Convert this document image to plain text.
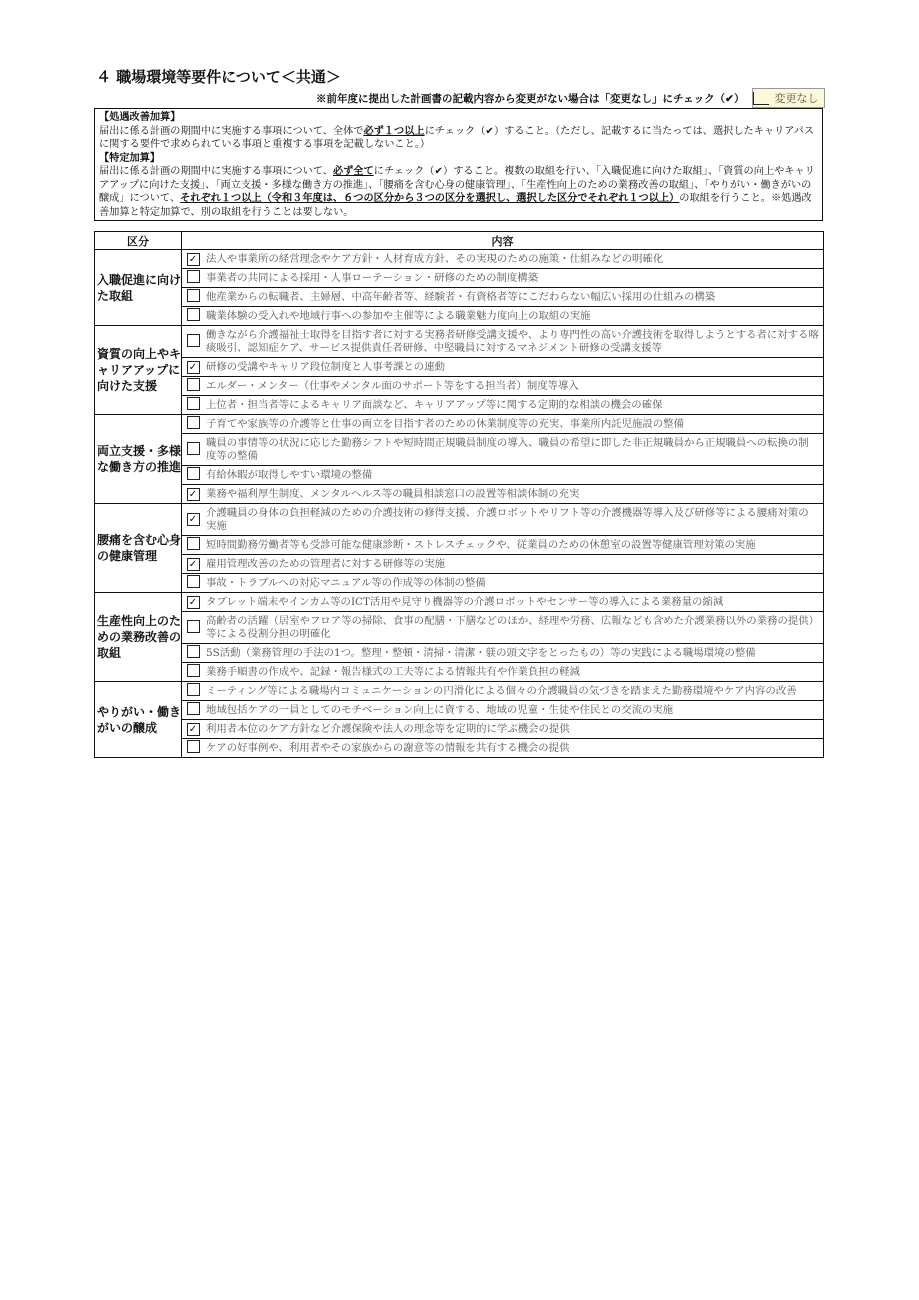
４ 職場環境等要件について＜共通＞
※前年度に提出した計画書の記載内容から変更がない場合は「変更なし」にチェック（✔）	変更なし
【処遇改善加算】
届出に係る計画の期間中に実施する事項について、全体で必ず１つ以上にチェック（✔）すること。（ただし、記載するに当たっては、選択したキャリアパスに関する要件で求められている事項と重複する事項を記載しないこと。）
【特定加算】
届出に係る計画の期間中に実施する事項について、必ず全てにチェック（✔）すること。複数の取組を行い、「入職促進に向けた取組」、「資質の向上やキャリアアップに向けた支援」、「両立支援・多様な働き方の推進」、「腰痛を含む心身の健康管理」、「生産性向上のための業務改善の取組」、「やりがい・働きがいの醸成」について、それぞれ１つ以上（令和３年度は、６つの区分から３つの区分を選択し、選択した区分でそれぞれ１つ以上）の取組を行うこと。※処遇改善加算と特定加算で、別の取組を行うことは要しない。
区分	内容	
入職促進に向けた取組	✓	法人や事業所の経営理念やケア方針・人材育成方針、その実現のための施策・仕組みなどの明確化
		事業者の共同による採用・人事ローテーション・研修のための制度構築
		他産業からの転職者、主婦層、中高年齢者等、経験者・有資格者等にこだわらない幅広い採用の仕組みの構築
		職業体験の受入れや地域行事への参加や主催等による職業魅力度向上の取組の実施
資質の向上やキャリアアップに向けた支援		働きながら介護福祉士取得を目指す者に対する実務者研修受講支援や、より専門性の高い介護技術を取得しようとする者に対する喀痰吸引、認知症ケア、サービス提供責任者研修、中堅職員に対するマネジメント研修の受講支援等
	✓	研修の受講やキャリア段位制度と人事考課との連動
		エルダー・メンター（仕事やメンタル面のサポート等をする担当者）制度等導入
		上位者・担当者等によるキャリア面談など、キャリアアップ等に関する定期的な相談の機会の確保
両立支援・多様な働き方の推進		子育てや家族等の介護等と仕事の両立を目指す者のための休業制度等の充実、事業所内託児施設の整備
		職員の事情等の状況に応じた勤務シフトや短時間正規職員制度の導入、職員の希望に即した非正規職員から正規職員への転換の制度等の整備
		有給休暇が取得しやすい環境の整備
	✓	業務や福利厚生制度、メンタルヘルス等の職員相談窓口の設置等相談体制の充実
腰痛を含む心身の健康管理	✓	介護職員の身体の負担軽減のための介護技術の修得支援、介護ロボットやリフト等の介護機器等導入及び研修等による腰痛対策の実施
		短時間勤務労働者等も受診可能な健康診断・ストレスチェックや、従業員のための休憩室の設置等健康管理対策の実施
	✓	雇用管理改善のための管理者に対する研修等の実施
		事故・トラブルへの対応マニュアル等の作成等の体制の整備
生産性向上のための業務改善の取組	✓	タブレット端末やインカム等のICT活用や見守り機器等の介護ロボットやセンサー等の導入による業務量の縮減
		高齢者の活躍（居室やフロア等の掃除、食事の配膳・下膳などのほか、経理や労務、広報なども含めた介護業務以外の業務の提供）等による役割分担の明確化
		5S活動（業務管理の手法の1つ。整理・整頓・清掃・清潔・躾の頭文字をとったもの）等の実践による職場環境の整備
		業務手順書の作成や、記録・報告様式の工夫等による情報共有や作業負担の軽減
やりがい・働きがいの醸成		ミーティング等による職場内コミュニケーションの円滑化による個々の介護職員の気づきを踏まえた勤務環境やケア内容の改善
		地域包括ケアの一員としてのモチベーション向上に資する、地域の児童・生徒や住民との交流の実施
	✓	利用者本位のケア方針など介護保険や法人の理念等を定期的に学ぶ機会の提供
		ケアの好事例や、利用者やその家族からの謝意等の情報を共有する機会の提供
